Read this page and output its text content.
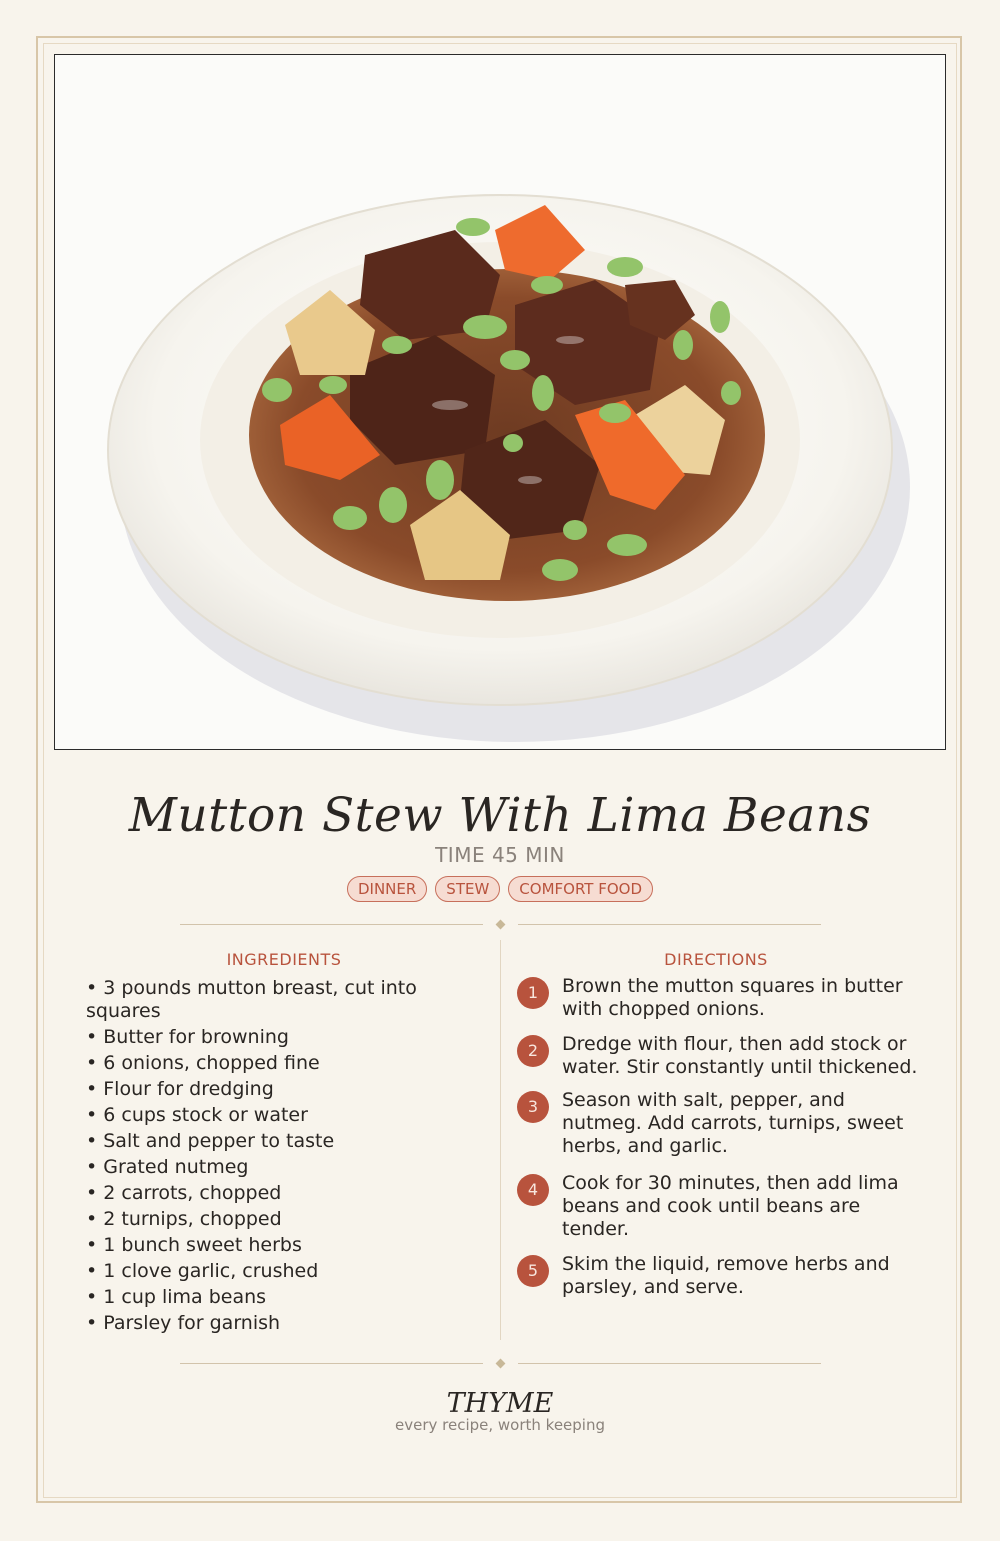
Mutton Stew With Lima Beans
TIME 45 MIN
DINNER	STEW	COMFORT FOOD
INGREDIENTS	DIRECTIONS
• 3 pounds mutton breast, cut into squares
• Butter for browning
• 6 onions, chopped fine
• Flour for dredging
• 6 cups stock or water
• Salt and pepper to taste
• Grated nutmeg
• 2 carrots, chopped
• 2 turnips, chopped
• 1 bunch sweet herbs
• 1 clove garlic, crushed
• 1 cup lima beans
• Parsley for garnish
1	Brown the mutton squares in butter with chopped onions.
2	Dredge with flour, then add stock or water. Stir constantly until thickened.
3	Season with salt, pepper, and nutmeg. Add carrots, turnips, sweet herbs, and garlic.
4	Cook for 30 minutes, then add lima beans and cook until beans are tender.
5	Skim the liquid, remove herbs and parsley, and serve.
THYME
every recipe, worth keeping
